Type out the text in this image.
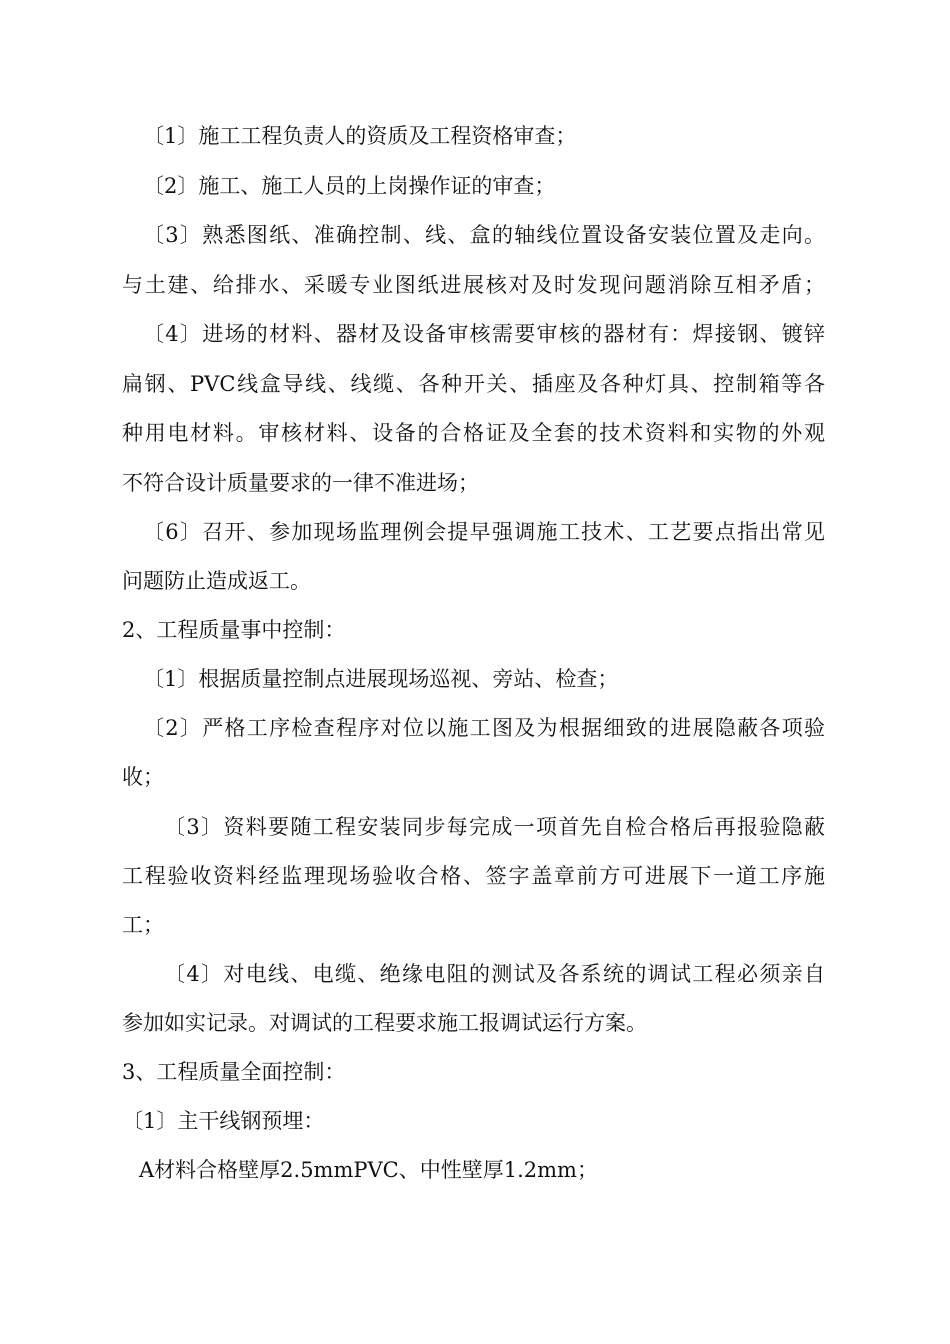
〔1〕施工工程负责人的资质及工程资格审查；
〔2〕施工、施工人员的上岗操作证的审查；
〔3〕熟悉图纸、准确控制、线、盒的轴线位置设备安装位置及走向。
与土建、给排水、采暖专业图纸进展核对及时发现问题消除互相矛盾；
〔4〕进场的材料、器材及设备审核需要审核的器材有：焊接钢、镀锌
扁钢、PVC线盒导线、线缆、各种开关、插座及各种灯具、控制箱等各
种用电材料。审核材料、设备的合格证及全套的技术资料和实物的外观
不符合设计质量要求的一律不准进场；
〔6〕召开、参加现场监理例会提早强调施工技术、工艺要点指出常见
问题防止造成返工。
2、工程质量事中控制：
〔1〕根据质量控制点进展现场巡视、旁站、检查；
〔2〕严格工序检查程序对位以施工图及为根据细致的进展隐蔽各项验
收；
〔3〕资料要随工程安装同步每完成一项首先自检合格后再报验隐蔽
工程验收资料经监理现场验收合格、签字盖章前方可进展下一道工序施
工；
〔4〕对电线、电缆、绝缘电阻的测试及各系统的调试工程必须亲自
参加如实记录。对调试的工程要求施工报调试运行方案。
3、工程质量全面控制：
〔1〕主干线钢预埋：
A材料合格壁厚2.5mmPVC、中性壁厚1.2mm；
